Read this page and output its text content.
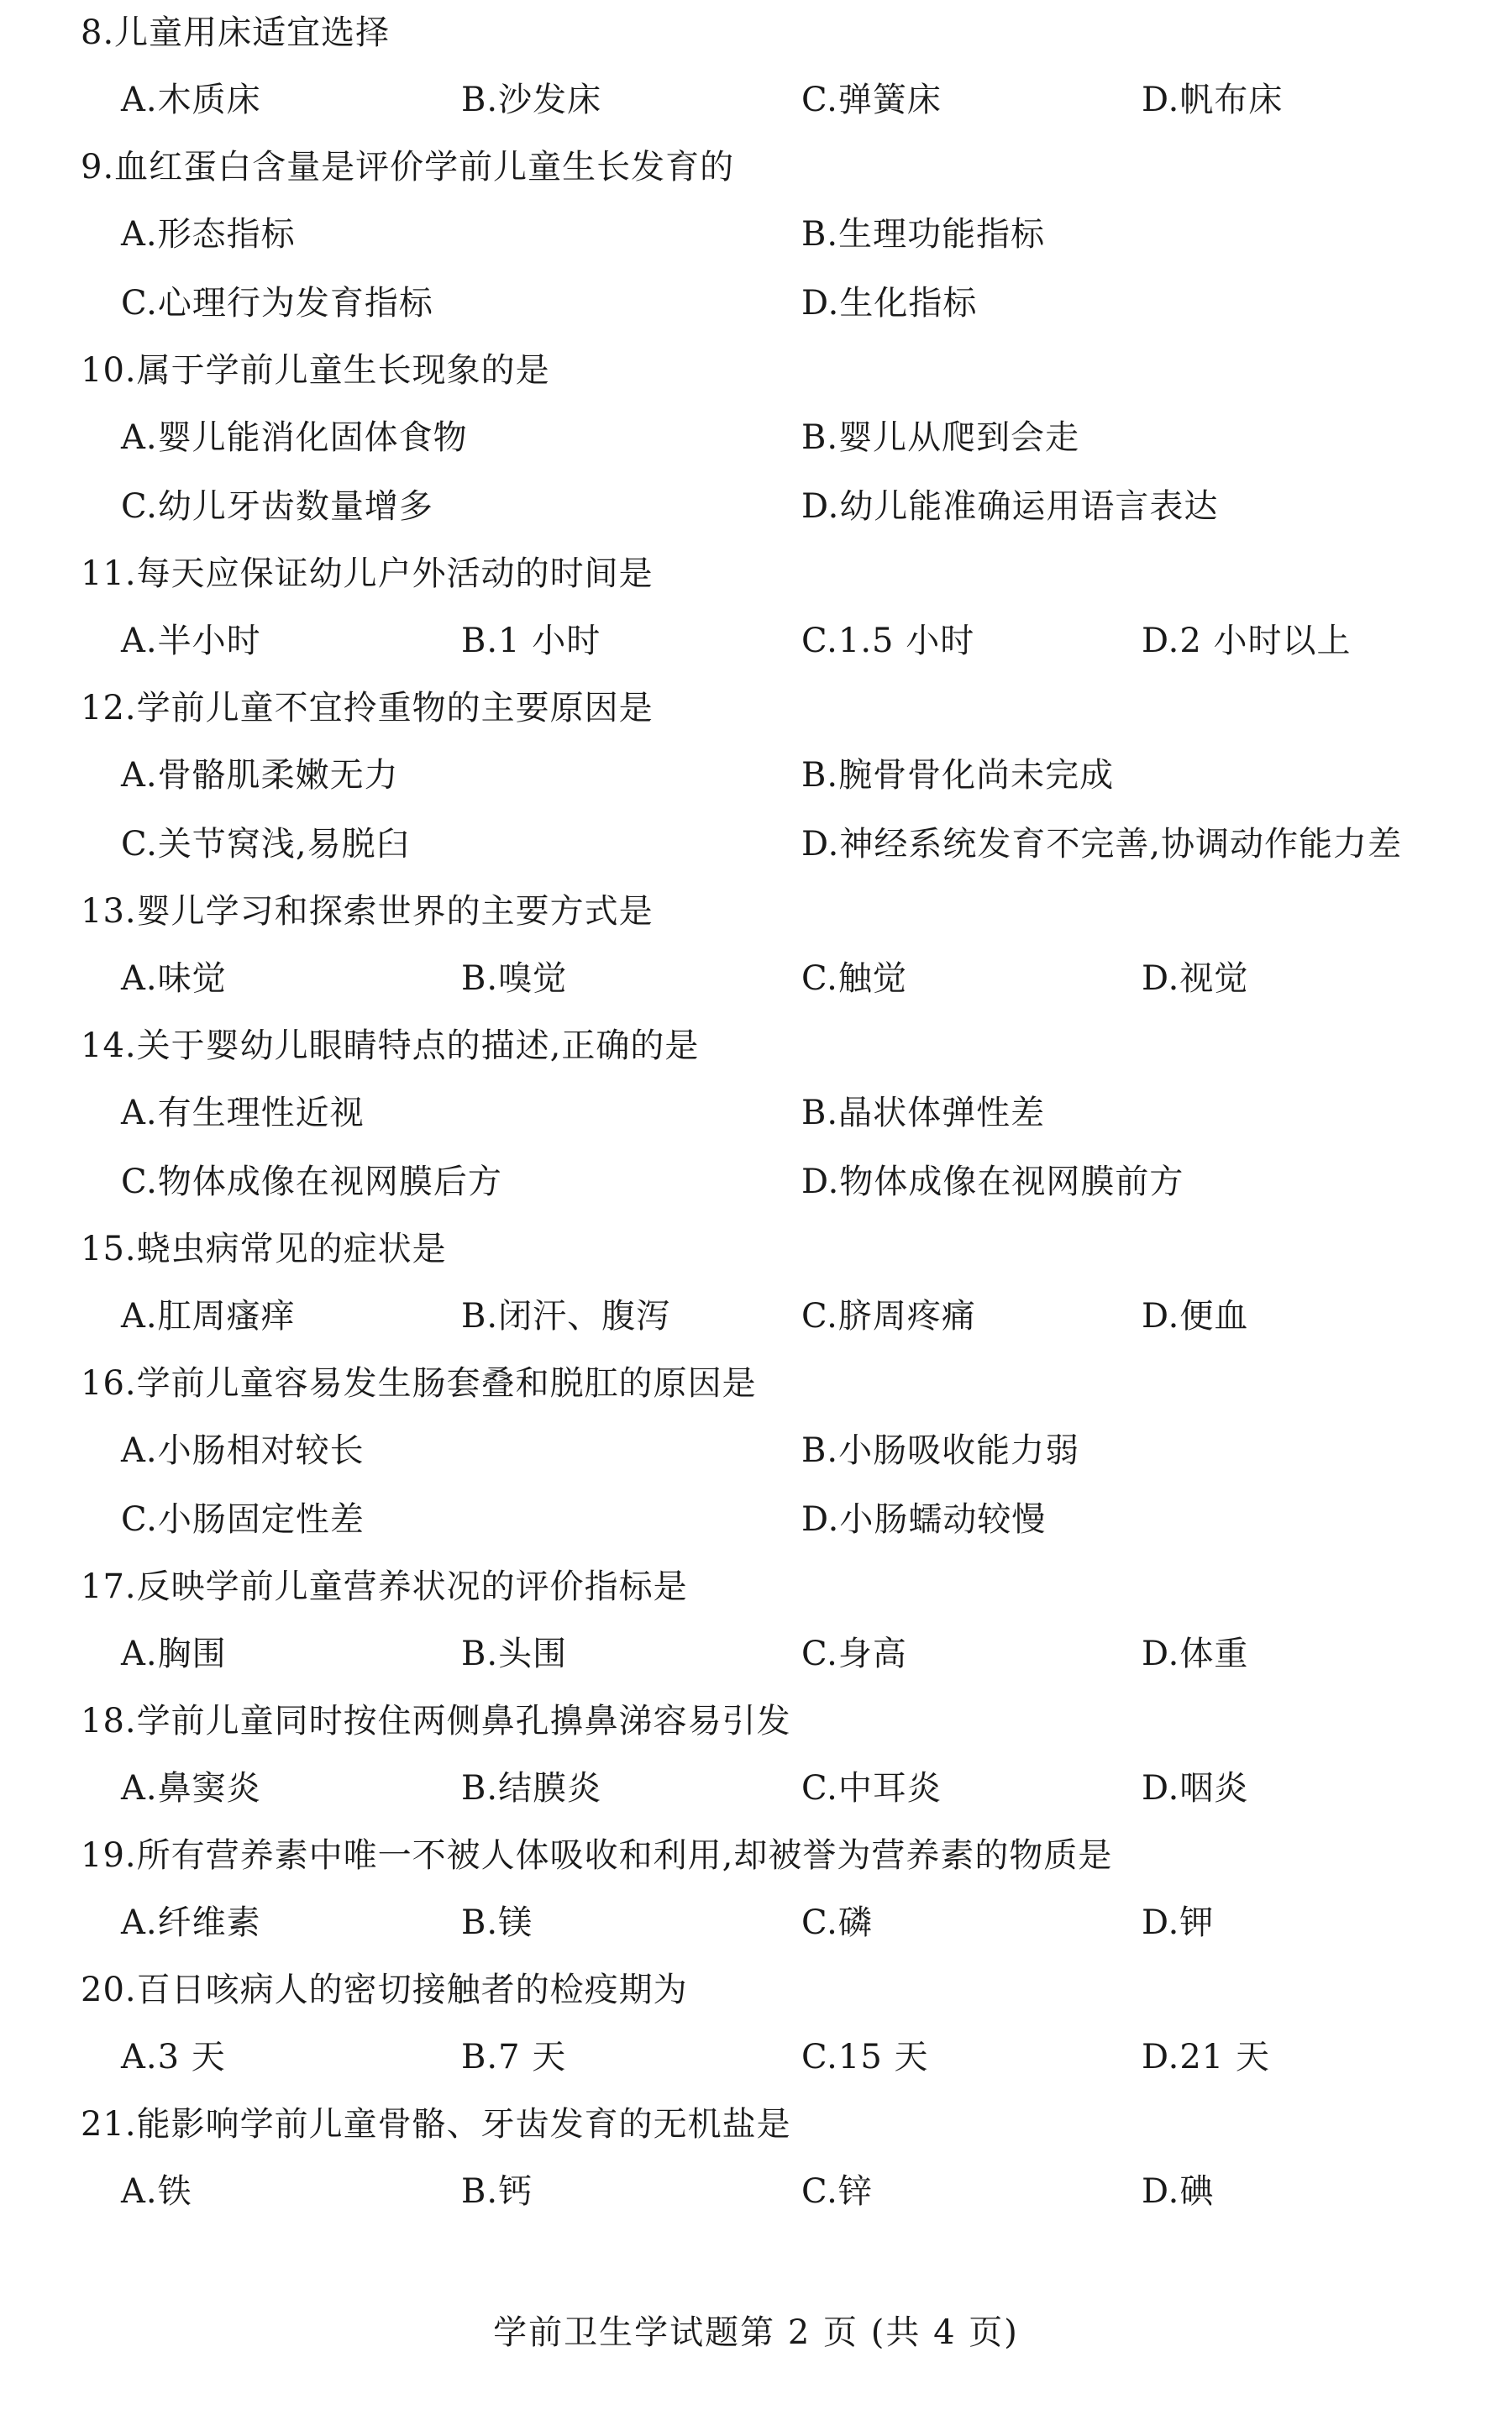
8.儿童用床适宜选择
A.木质床	B.沙发床	C.弹簧床	D.帆布床
9.血红蛋白含量是评价学前儿童生长发育的
A.形态指标	B.生理功能指标
C.心理行为发育指标	D.生化指标
10.属于学前儿童生长现象的是
A.婴儿能消化固体食物	B.婴儿从爬到会走
C.幼儿牙齿数量增多	D.幼儿能准确运用语言表达
11.每天应保证幼儿户外活动的时间是
A.半小时	B.1 小时	C.1.5 小时	D.2 小时以上
12.学前儿童不宜拎重物的主要原因是
A.骨骼肌柔嫩无力	B.腕骨骨化尚未完成
C.关节窝浅,易脱臼	D.神经系统发育不完善,协调动作能力差
13.婴儿学习和探索世界的主要方式是
A.味觉	B.嗅觉	C.触觉	D.视觉
14.关于婴幼儿眼睛特点的描述,正确的是
A.有生理性近视	B.晶状体弹性差
C.物体成像在视网膜后方	D.物体成像在视网膜前方
15.蛲虫病常见的症状是
A.肛周瘙痒	B.闭汗、腹泻	C.脐周疼痛	D.便血
16.学前儿童容易发生肠套叠和脱肛的原因是
A.小肠相对较长	B.小肠吸收能力弱
C.小肠固定性差	D.小肠蠕动较慢
17.反映学前儿童营养状况的评价指标是
A.胸围	B.头围	C.身高	D.体重
18.学前儿童同时按住两侧鼻孔擤鼻涕容易引发
A.鼻窦炎	B.结膜炎	C.中耳炎	D.咽炎
19.所有营养素中唯一不被人体吸收和利用,却被誉为营养素的物质是
A.纤维素	B.镁	C.磷	D.钾
20.百日咳病人的密切接触者的检疫期为
A.3 天	B.7 天	C.15 天	D.21 天
21.能影响学前儿童骨骼、牙齿发育的无机盐是
A.铁	B.钙	C.锌	D.碘
学前卫生学试题第 2 页 (共 4 页)
